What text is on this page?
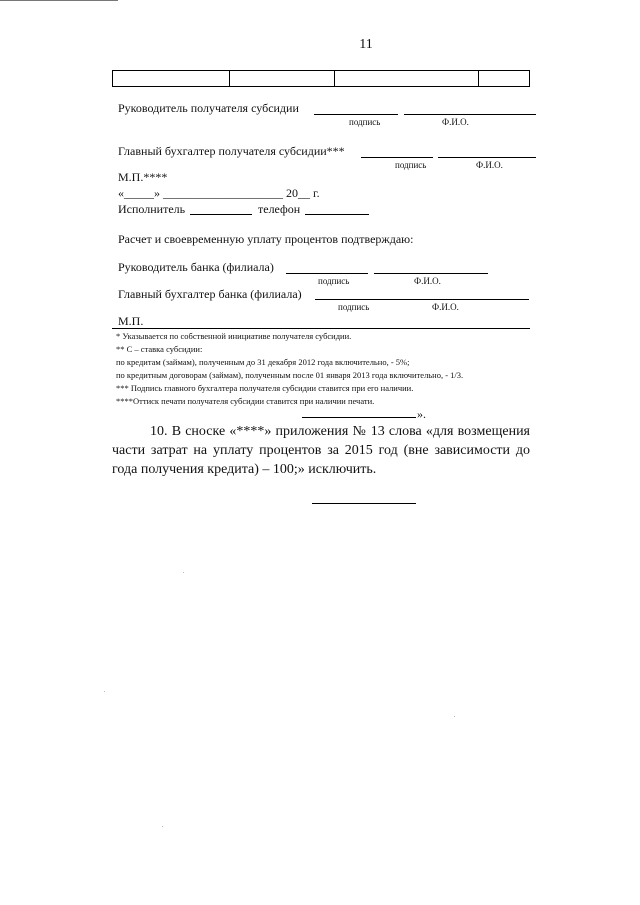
11
Руководитель получателя субсидии
подпись	Ф.И.О.
Главный бухгалтер получателя субсидии***
подпись	Ф.И.О.
М.П.****
«_____» ____________________ 20__ г.
Исполнитель	телефон
Расчет и своевременную уплату процентов подтверждаю:
Руководитель банка (филиала)
подпись	Ф.И.О.
Главный бухгалтер банка (филиала)
подпись	Ф.И.О.
М.П.
* Указывается по собственной инициативе получателя субсидии.
** С – ставка субсидии:
по кредитам (займам), полученным до 31 декабря 2012 года включительно, - 5%;
по кредитным договорам (займам), полученным после 01 января 2013 года включительно, - 1/3.
*** Подпись главного бухгалтера получателя субсидии ставится при его наличии.
****Оттиск печати получателя субсидии ставится при наличии печати.
».
10. В сноске «****» приложения № 13 слова «для возмещения части затрат на уплату процентов за 2015 год (вне зависимости до года получения кредита) – 100;» исключить.
